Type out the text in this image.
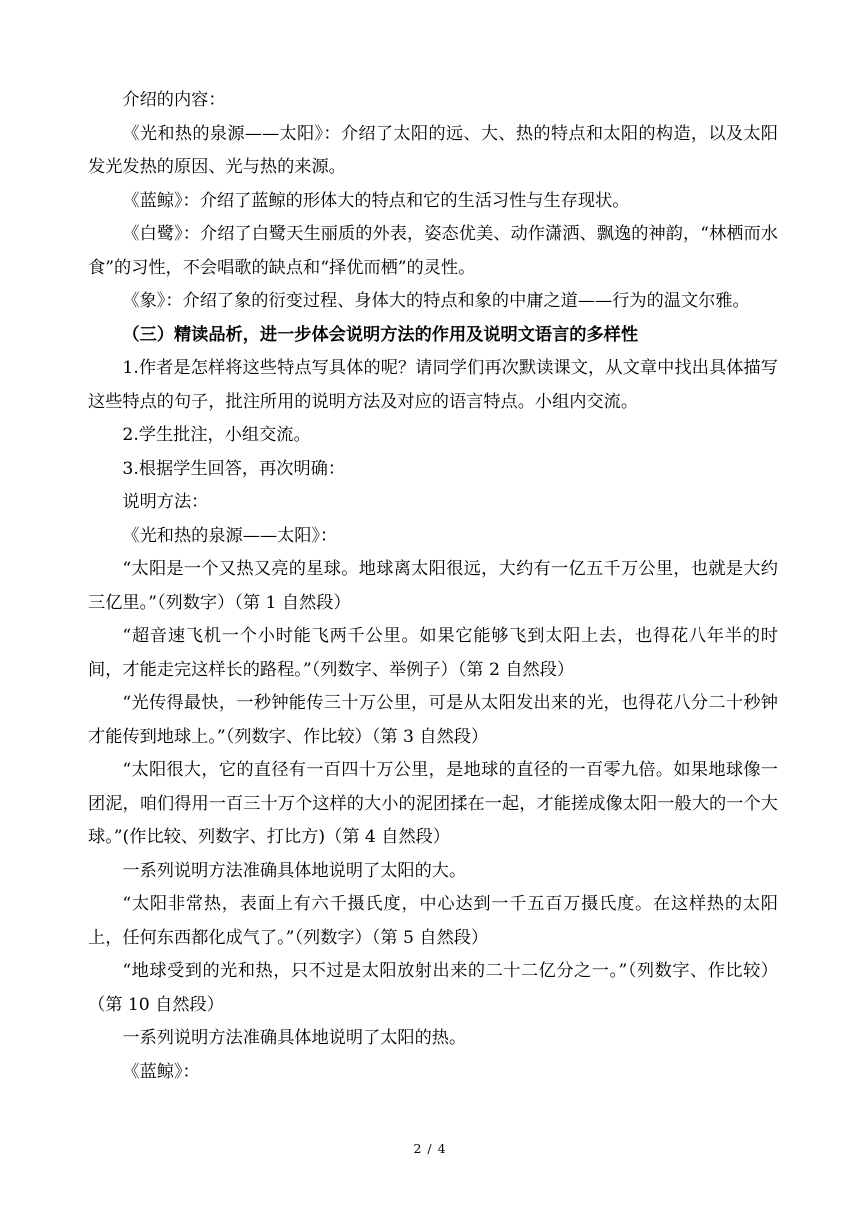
介绍的内容：

《光和热的泉源——太阳》：介绍了太阳的远、大、热的特点和太阳的构造，以及太阳发光发热的原因、光与热的来源。

《蓝鲸》：介绍了蓝鲸的形体大的特点和它的生活习性与生存现状。

《白鹭》：介绍了白鹭天生丽质的外表，姿态优美、动作潇洒、飘逸的神韵，“林栖而水食”的习性，不会唱歌的缺点和“择优而栖”的灵性。

《象》：介绍了象的衍变过程、身体大的特点和象的中庸之道——行为的温文尔雅。

（三）精读品析，进一步体会说明方法的作用及说明文语言的多样性

1.作者是怎样将这些特点写具体的呢？请同学们再次默读课文，从文章中找出具体描写这些特点的句子，批注所用的说明方法及对应的语言特点。小组内交流。

2.学生批注，小组交流。

3.根据学生回答，再次明确：

说明方法：

《光和热的泉源——太阳》：

“太阳是一个又热又亮的星球。地球离太阳很远，大约有一亿五千万公里，也就是大约三亿里。”（列数字）（第 1 自然段）

“超音速飞机一个小时能飞两千公里。如果它能够飞到太阳上去，也得花八年半的时间，才能走完这样长的路程。”（列数字、举例子）（第 2 自然段）

“光传得最快，一秒钟能传三十万公里，可是从太阳发出来的光，也得花八分二十秒钟才能传到地球上。”（列数字、作比较）（第 3 自然段）

“太阳很大，它的直径有一百四十万公里，是地球的直径的一百零九倍。如果地球像一团泥，咱们得用一百三十万个这样的大小的泥团揉在一起，才能搓成像太阳一般大的一个大球。”(作比较、列数字、打比方)（第 4 自然段）

一系列说明方法准确具体地说明了太阳的大。

“太阳非常热，表面上有六千摄氏度，中心达到一千五百万摄氏度。在这样热的太阳上，任何东西都化成气了。”（列数字）（第 5 自然段）

“地球受到的光和热，只不过是太阳放射出来的二十二亿分之一。”（列数字、作比较）（第 10 自然段）

一系列说明方法准确具体地说明了太阳的热。

《蓝鲸》：

2 / 4
